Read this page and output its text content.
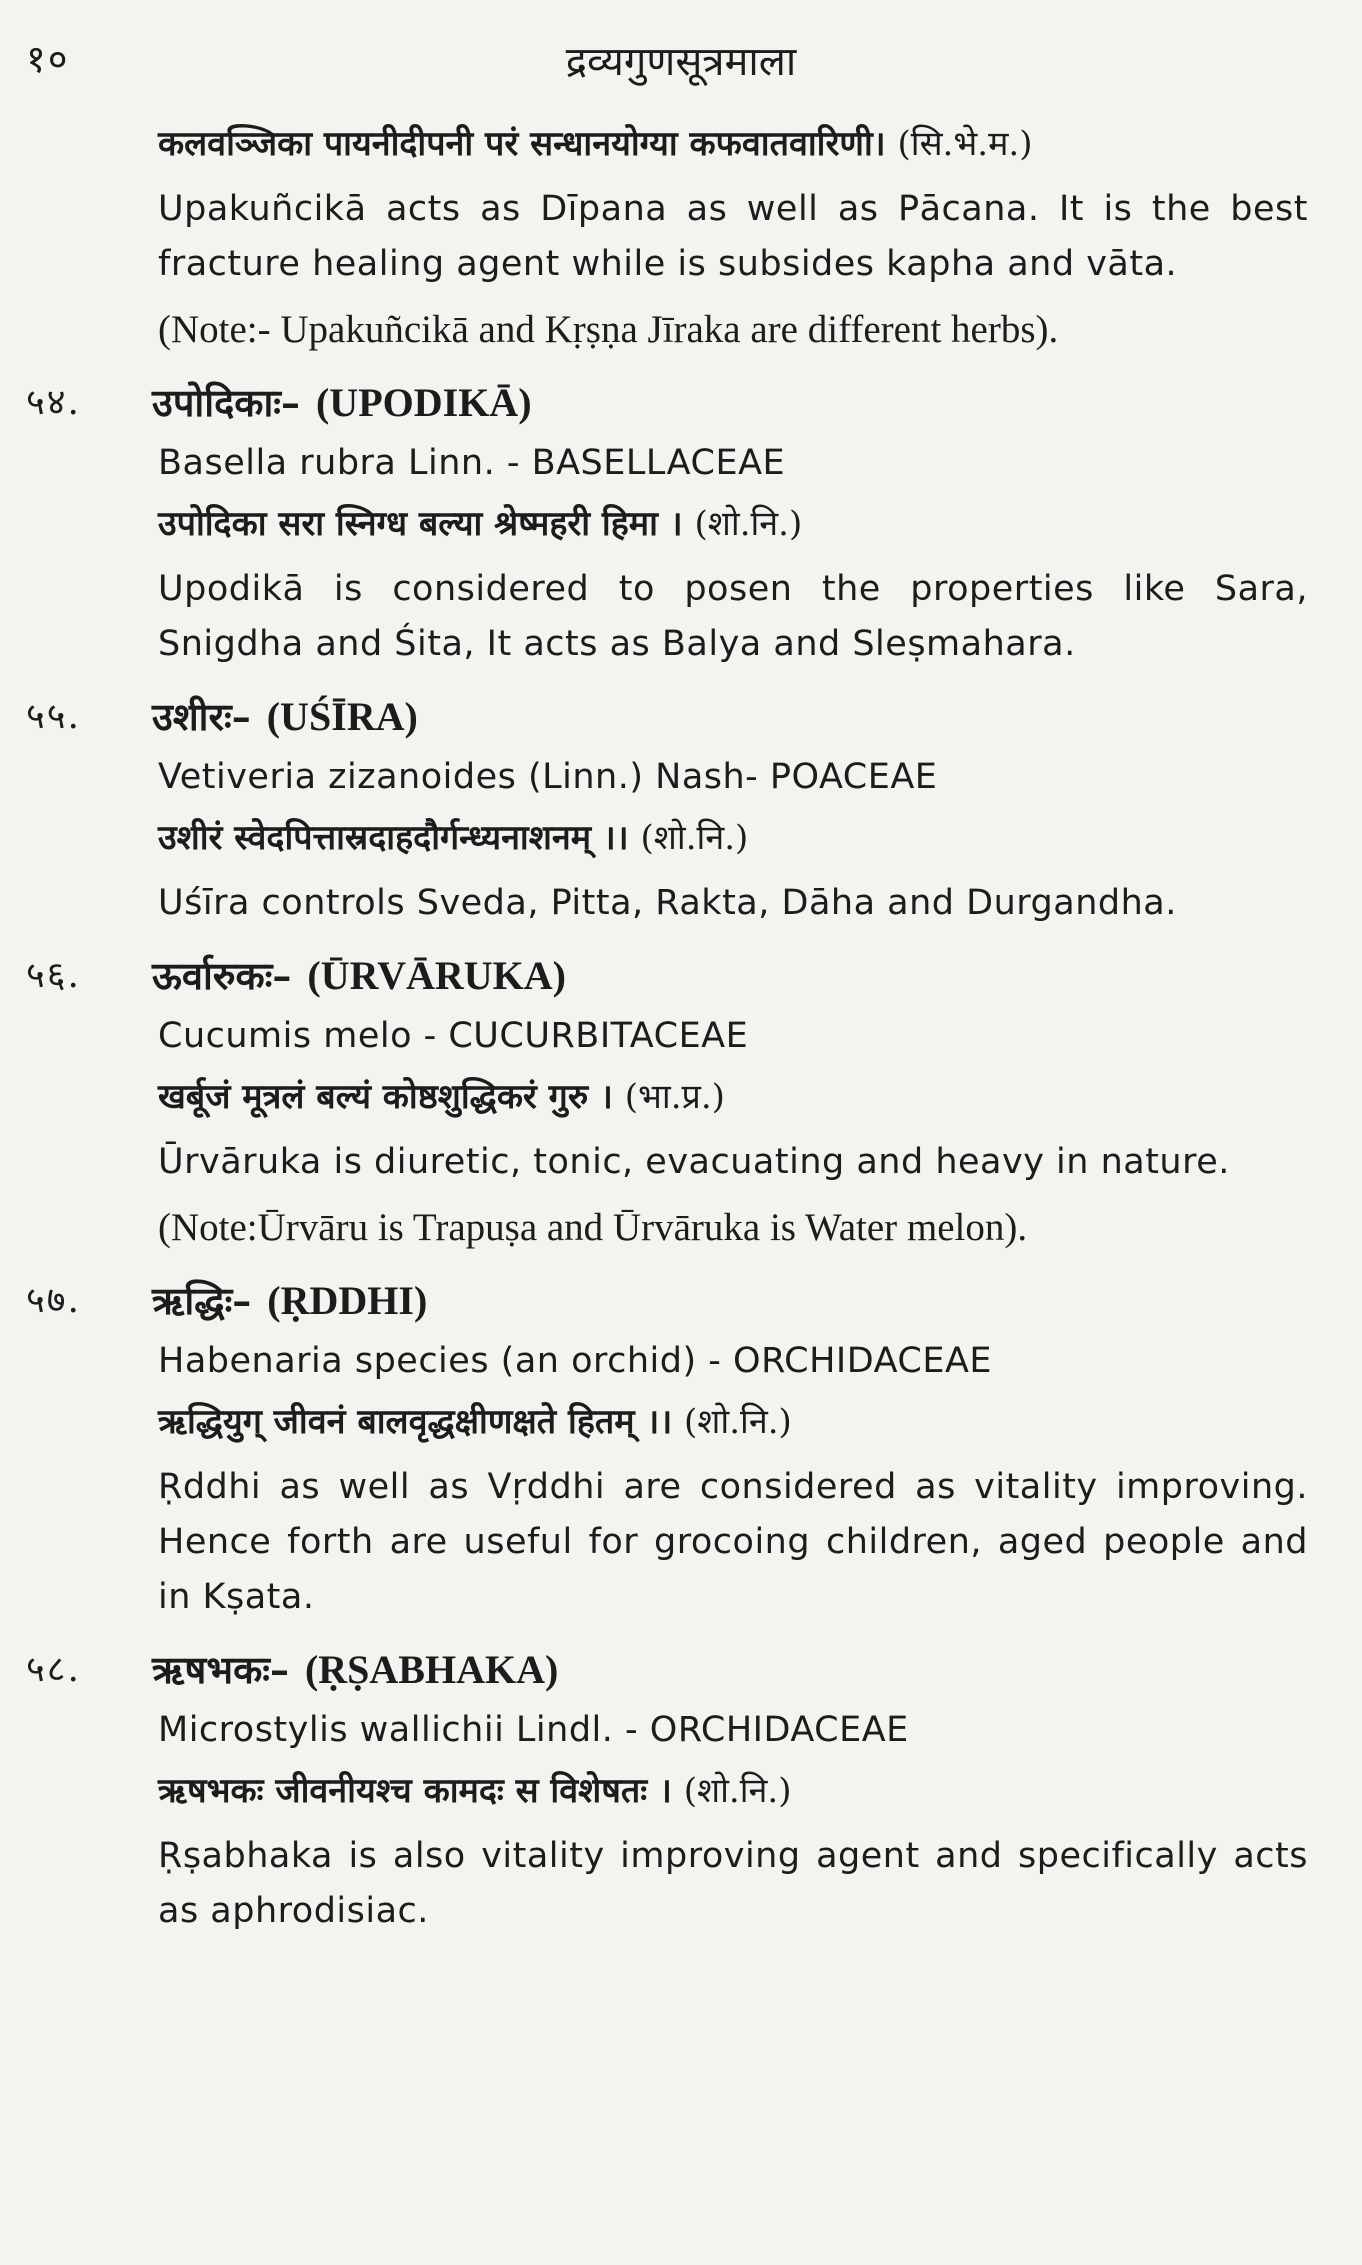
१०	द्रव्यगुणसूत्रमाला
कलवञ्जिका पायनीदीपनी परं सन्धानयोग्या कफवातवारिणी। (सि.भे.म.)

Upakuñcikā acts as Dīpana as well as Pācana. It is the best fracture healing agent while is subsides kapha and vāta.

(Note:- Upakuñcikā and Kṛṣṇa Jīraka are different herbs).

५४. उपोदिकाः– (UPODIKĀ)
Basella rubra Linn. - BASELLACEAE
उपोदिका सरा स्निग्ध बल्या श्रेष्महरी हिमा । (शो.नि.)

Upodikā is considered to posen the properties like Sara, Snigdha and Śita, It acts as Balya and Sleṣmahara.

५५. उशीरः– (UŚĪRA)
Vetiveria zizanoides (Linn.) Nash- POACEAE
उशीरं स्वेदपित्तास्रदाहदौर्गन्ध्यनाशनम् ।। (शो.नि.)

Uśīra controls Sveda, Pitta, Rakta, Dāha and Durgandha.

५६. ऊर्वारुकः– (ŪRVĀRUKA)
Cucumis melo - CUCURBITACEAE
खर्बूजं मूत्रलं बल्यं कोष्ठशुद्धिकरं गुरु । (भा.प्र.)

Ūrvāruka is diuretic, tonic, evacuating and heavy in nature.

(Note:Ūrvāru is Trapuṣa and Ūrvāruka is Water melon).

५७. ऋद्धिः– (ṚDDHI)
Habenaria species (an orchid) - ORCHIDACEAE
ऋद्धियुग् जीवनं बालवृद्धक्षीणक्षते हितम् ।। (शो.नि.)

Ṛddhi as well as Vṛddhi are considered as vitality improving. Hence forth are useful for grocoing children, aged people and in Kṣata.

५८. ऋषभकः– (ṚṢABHAKA)
Microstylis wallichii Lindl. - ORCHIDACEAE
ऋषभकः जीवनीयश्च कामदः स विशेषतः । (शो.नि.)

Ṛṣabhaka is also vitality improving agent and specifically acts as aphrodisiac.
